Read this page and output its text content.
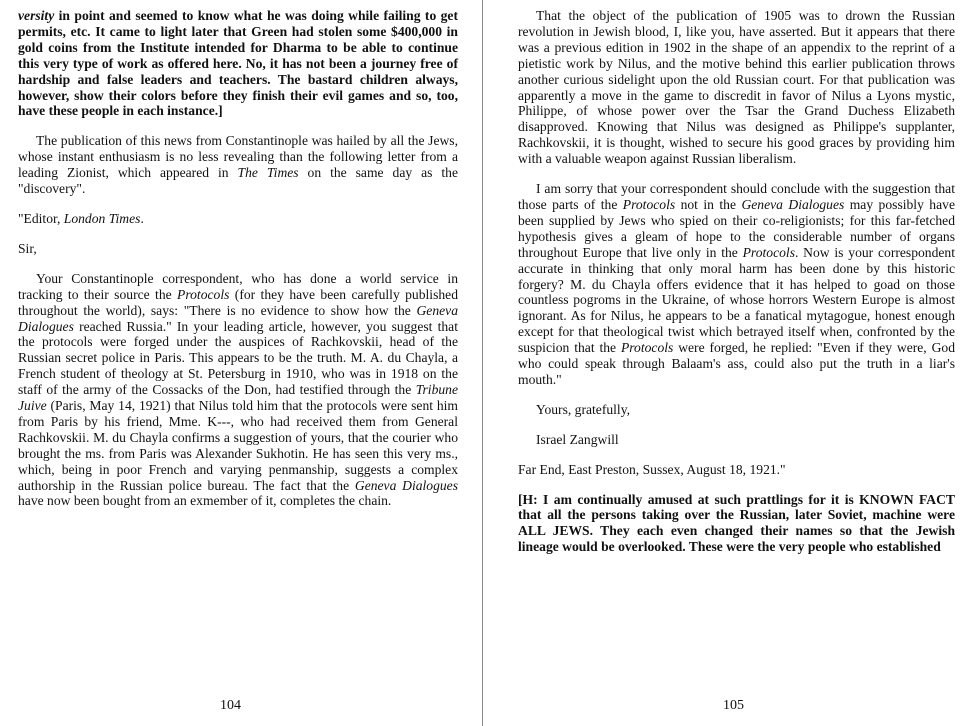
versity in point and seemed to know what he was doing while failing to get permits, etc. It came to light later that Green had stolen some $400,000 in gold coins from the Institute intended for Dharma to be able to continue this very type of work as offered here. No, it has not been a journey free of hardship and false leaders and teachers. The bastard children always, however, show their colors before they finish their evil games and so, too, have these people in each instance.]

The publication of this news from Constantinople was hailed by all the Jews, whose instant enthusiasm is no less revealing than the following letter from a leading Zionist, which appeared in The Times on the same day as the "discovery".

"Editor, London Times.

Sir,

Your Constantinople correspondent, who has done a world service in tracking to their source the Protocols (for they have been carefully published throughout the world), says: "There is no evidence to show how the Geneva Dialogues reached Russia." In your leading article, however, you suggest that the protocols were forged under the auspices of Rachkovskii, head of the Russian secret police in Paris. This appears to be the truth. M. A. du Chayla, a French student of theology at St. Petersburg in 1910, who was in 1918 on the staff of the army of the Cossacks of the Don, had testified through the Tribune Juive (Paris, May 14, 1921) that Nilus told him that the protocols were sent him from Paris by his friend, Mme. K---, who had received them from General Rachkovskii. M. du Chayla confirms a suggestion of yours, that the courier who brought the ms. from Paris was Alexander Sukhotin. He has seen this very ms., which, being in poor French and varying penmanship, suggests a complex authorship in the Russian police bureau. The fact that the Geneva Dialogues have now been bought from an exmember of it, completes the chain.

104

That the object of the publication of 1905 was to drown the Russian revolution in Jewish blood, I, like you, have asserted. But it appears that there was a previous edition in 1902 in the shape of an appendix to the reprint of a pietistic work by Nilus, and the motive behind this earlier publication throws another curious sidelight upon the old Russian court. For that publication was apparently a move in the game to discredit in favor of Nilus a Lyons mystic, Philippe, of whose power over the Tsar the Grand Duchess Elizabeth disapproved. Knowing that Nilus was designed as Philippe's supplanter, Rachkovskii, it is thought, wished to secure his good graces by providing him with a valuable weapon against Russian liberalism.

I am sorry that your correspondent should conclude with the suggestion that those parts of the Protocols not in the Geneva Dialogues may possibly have been supplied by Jews who spied on their co-religionists; for this far-fetched hypothesis gives a gleam of hope to the considerable number of organs throughout Europe that live only in the Protocols. Now is your correspondent accurate in thinking that only moral harm has been done by this historic forgery? M. du Chayla offers evidence that it has helped to goad on those countless pogroms in the Ukraine, of whose horrors Western Europe is almost ignorant. As for Nilus, he appears to be a fanatical mytagogue, honest enough except for that theological twist which betrayed itself when, confronted by the suspicion that the Protocols were forged, he replied: "Even if they were, God who could speak through Balaam's ass, could also put the truth in a liar's mouth."

Yours, gratefully,

Israel Zangwill

Far End, East Preston, Sussex, August 18, 1921."

[H: I am continually amused at such prattlings for it is KNOWN FACT that all the persons taking over the Russian, later Soviet, machine were ALL JEWS. They each even changed their names so that the Jewish lineage would be overlooked. These were the very people who established

105
